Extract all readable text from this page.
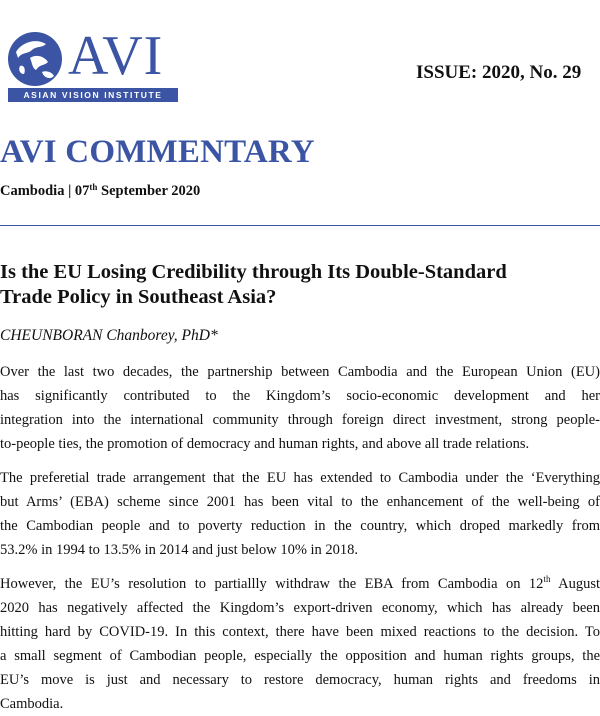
AVI
ASIAN VISION INSTITUTE
ISSUE: 2020, No. 29
AVI COMMENTARY
Cambodia | 07th September 2020
Is the EU Losing Credibility through Its Double-Standard
Trade Policy in Southeast Asia?
CHEUNBORAN Chanborey, PhD*
Over the last two decades, the partnership between Cambodia and the European Union (EU)
has significantly contributed to the Kingdom’s socio-economic development and her
integration into the international community through foreign direct investment, strong people-
to-people ties, the promotion of democracy and human rights, and above all trade relations.
The preferetial trade arrangement that the EU has extended to Cambodia under the ‘Everything
but Arms’ (EBA) scheme since 2001 has been vital to the enhancement of the well-being of
the Cambodian people and to poverty reduction in the country, which droped markedly from
53.2% in 1994 to 13.5% in 2014 and just below 10% in 2018.
However, the EU’s resolution to partiallly withdraw the EBA from Cambodia on 12th August
2020 has negatively affected the Kingdom’s export-driven economy, which has already been
hitting hard by COVID-19. In this context, there have been mixed reactions to the decision. To
a small segment of Cambodian people, especially the opposition and human rights groups, the
EU’s move is just and necessary to restore democracy, human rights and freedoms in
Cambodia.
